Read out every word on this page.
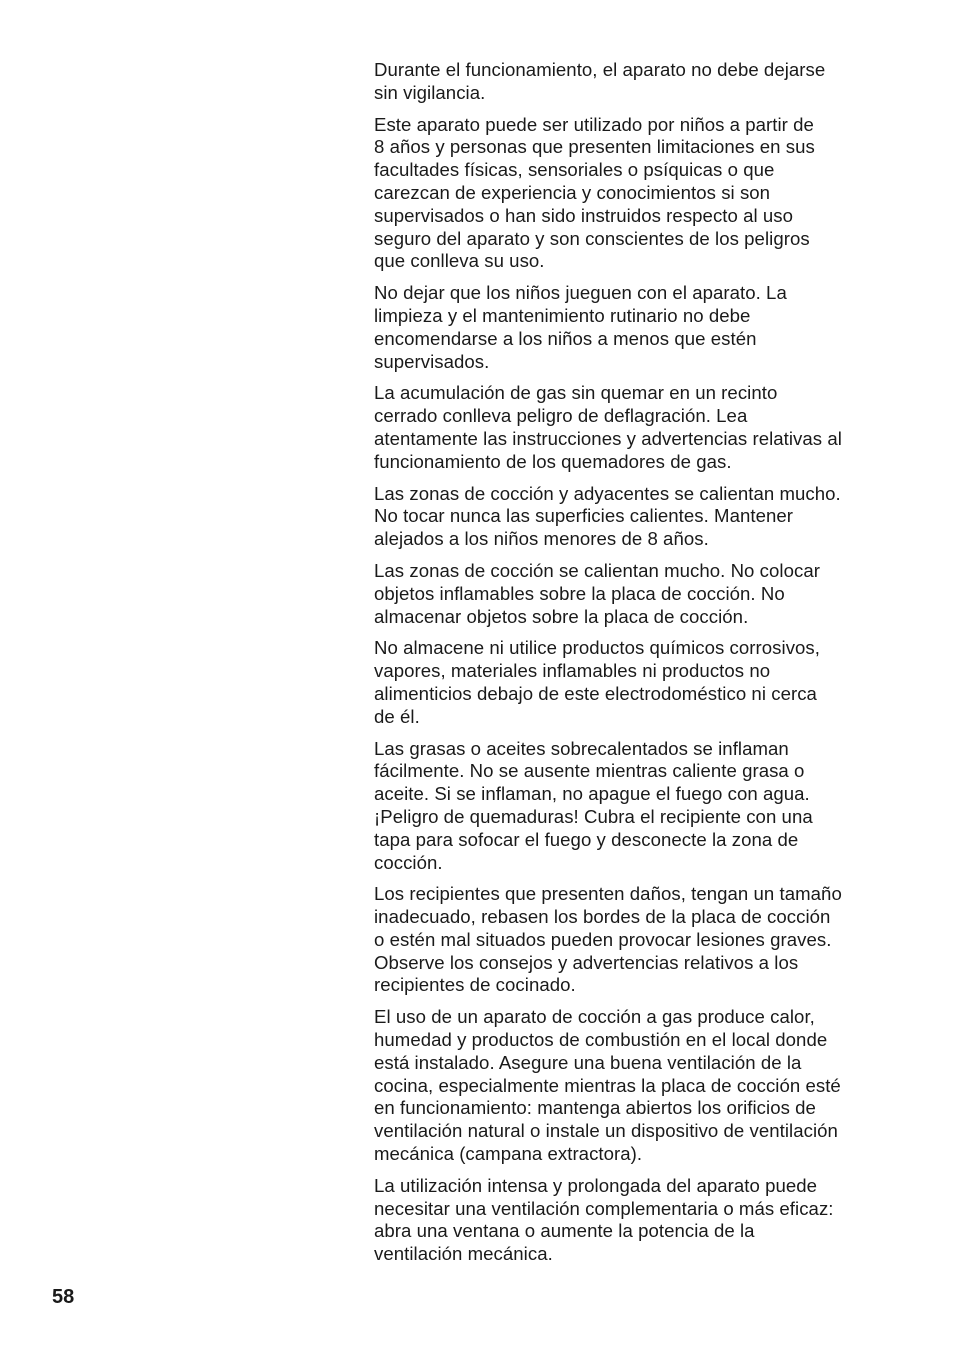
Durante el funcionamiento, el aparato no debe dejarse
sin vigilancia.

Este aparato puede ser utilizado por niños a partir de
8 años y personas que presenten limitaciones en sus
facultades físicas, sensoriales o psíquicas o que
carezcan de experiencia y conocimientos si son
supervisados o han sido instruidos respecto al uso
seguro del aparato y son conscientes de los peligros
que conlleva su uso.

No dejar que los niños jueguen con el aparato. La
limpieza y el mantenimiento rutinario no debe
encomendarse a los niños a menos que estén
supervisados.

La acumulación de gas sin quemar en un recinto
cerrado conlleva peligro de deflagración. Lea
atentamente las instrucciones y advertencias relativas al
funcionamiento de los quemadores de gas.

Las zonas de cocción y adyacentes se calientan mucho.
No tocar nunca las superficies calientes. Mantener
alejados a los niños menores de 8 años.

Las zonas de cocción se calientan mucho. No colocar
objetos inflamables sobre la placa de cocción. No
almacenar objetos sobre la placa de cocción.

No almacene ni utilice productos químicos corrosivos,
vapores, materiales inflamables ni productos no
alimenticios debajo de este electrodoméstico ni cerca
de él.

Las grasas o aceites sobrecalentados se inflaman
fácilmente. No se ausente mientras caliente grasa o
aceite. Si se inflaman, no apague el fuego con agua.
¡Peligro de quemaduras! Cubra el recipiente con una
tapa para sofocar el fuego y desconecte la zona de
cocción.

Los recipientes que presenten daños, tengan un tamaño
inadecuado, rebasen los bordes de la placa de cocción
o estén mal situados pueden provocar lesiones graves.
Observe los consejos y advertencias relativos a los
recipientes de cocinado.

El uso de un aparato de cocción a gas produce calor,
humedad y productos de combustión en el local donde
está instalado. Asegure una buena ventilación de la
cocina, especialmente mientras la placa de cocción esté
en funcionamiento: mantenga abiertos los orificios de
ventilación natural o instale un dispositivo de ventilación
mecánica (campana extractora).

La utilización intensa y prolongada del aparato puede
necesitar una ventilación complementaria o más eficaz:
abra una ventana o aumente la potencia de la
ventilación mecánica.

58
